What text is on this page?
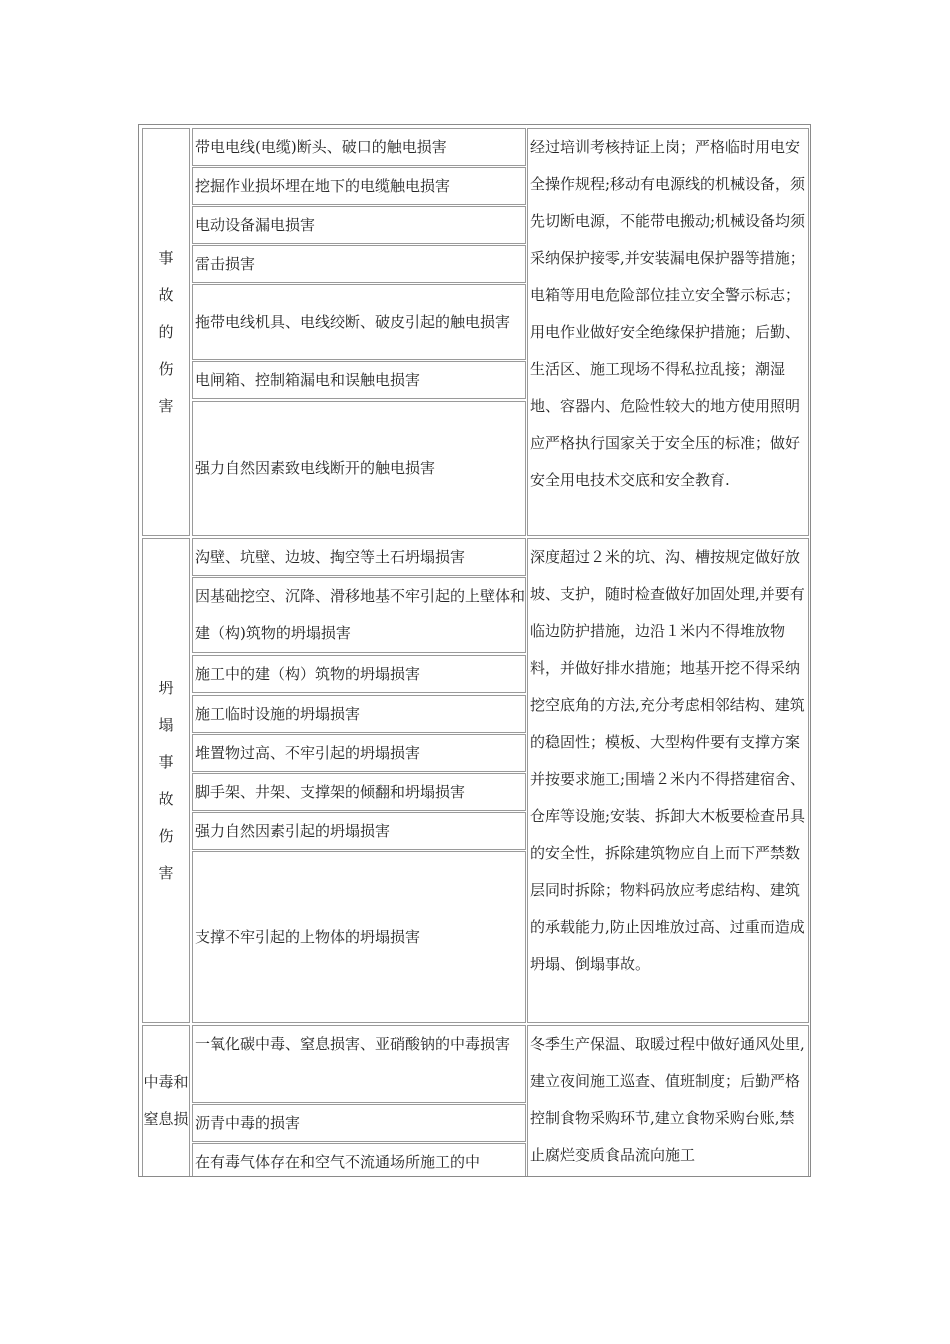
事故的伤害
带电电线(电缆)断头、破口的触电损害
挖掘作业损坏埋在地下的电缆触电损害
电动设备漏电损害
雷击损害
拖带电线机具、电线绞断、破皮引起的触电损害
电闸箱、控制箱漏电和误触电损害
强力自然因素致电线断开的触电损害
经过培训考核持证上岗；严格临时用电安全操作规程;移动有电源线的机械设备，须先切断电源，不能带电搬动;机械设备均须采纳保护接零,并安装漏电保护器等措施；电箱等用电危险部位挂立安全警示标志；用电作业做好安全绝缘保护措施；后勤、生活区、施工现场不得私拉乱接；潮湿地、容器内、危险性较大的地方使用照明应严格执行国家关于安全压的标准；做好安全用电技术交底和安全教育.
坍塌事故伤害
沟壁、坑壁、边坡、掏空等土石坍塌损害
因基础挖空、沉降、滑移地基不牢引起的上壁体和建（构)筑物的坍塌损害
施工中的建（构）筑物的坍塌损害
施工临时设施的坍塌损害
堆置物过高、不牢引起的坍塌损害
脚手架、井架、支撑架的倾翻和坍塌损害
强力自然因素引起的坍塌损害
支撑不牢引起的上物体的坍塌损害
深度超过２米的坑、沟、槽按规定做好放坡、支护，随时检查做好加固处理,并要有临边防护措施，边沿１米内不得堆放物料，并做好排水措施；地基开挖不得采纳挖空底角的方法,充分考虑相邻结构、建筑的稳固性；模板、大型构件要有支撑方案并按要求施工;围墙２米内不得搭建宿舍、仓库等设施;安装、拆卸大木板要检查吊具的安全性，拆除建筑物应自上而下严禁数层同时拆除；物料码放应考虑结构、建筑的承载能力,防止因堆放过高、过重而造成坍塌、倒塌事故。
中毒和窒息损
一氧化碳中毒、窒息损害、亚硝酸钠的中毒损害
沥青中毒的损害
在有毒气体存在和空气不流通场所施工的中
冬季生产保温、取暖过程中做好通风处里,建立夜间施工巡查、值班制度；后勤严格控制食物采购环节,建立食物采购台账,禁止腐烂变质食品流向施工
